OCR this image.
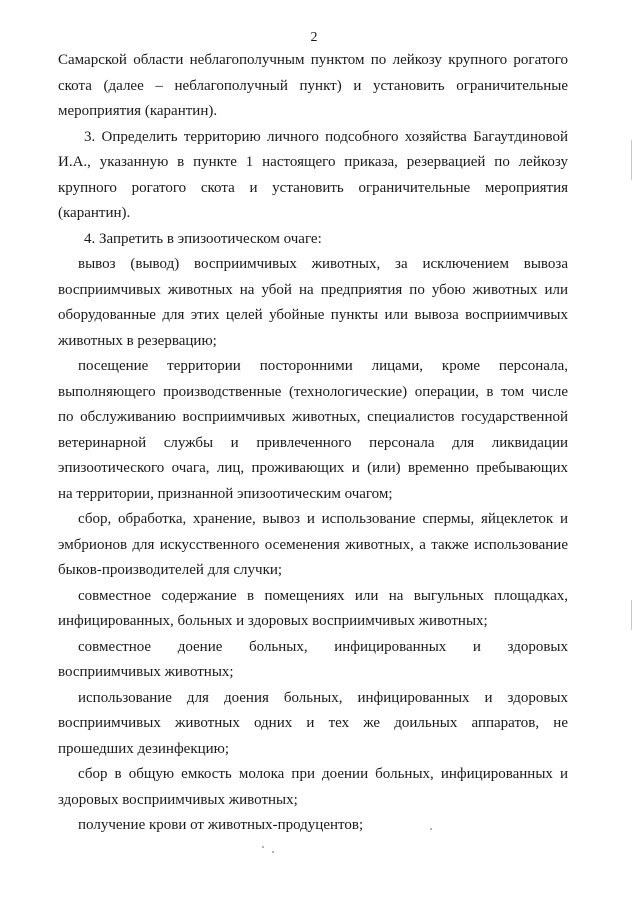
2

Самарской области неблагополучным пунктом по лейкозу крупного рогатого
скота (далее – неблагополучный пункт) и установить ограничительные
мероприятия (карантин).

3. Определить территорию личного подсобного хозяйства Багаутдиновой
И.А., указанную в пункте 1 настоящего приказа, резервацией по лейкозу
крупного рогатого скота и установить ограничительные мероприятия
(карантин).

4. Запретить в эпизоотическом очаге:

вывоз (вывод) восприимчивых животных, за исключением вывоза
восприимчивых животных на убой на предприятия по убою животных или
оборудованные для этих целей убойные пункты или вывоза восприимчивых
животных в резервацию;

посещение территории посторонними лицами, кроме персонала,
выполняющего производственные (технологические) операции, в том числе
по обслуживанию восприимчивых животных, специалистов государственной
ветеринарной службы и привлеченного персонала для ликвидации
эпизоотического очага, лиц, проживающих и (или) временно пребывающих
на территории, признанной эпизоотическим очагом;

сбор, обработка, хранение, вывоз и использование спермы, яйцеклеток и
эмбрионов для искусственного осеменения животных, а также использование
быков-производителей для случки;

совместное содержание в помещениях или на выгульных площадках,
инфицированных, больных и здоровых восприимчивых животных;

совместное доение больных, инфицированных и здоровых
восприимчивых животных;

использование для доения больных, инфицированных и здоровых
восприимчивых животных одних и тех же доильных аппаратов, не
прошедших дезинфекцию;

сбор в общую емкость молока при доении больных, инфицированных и
здоровых восприимчивых животных;

получение крови от животных-продуцентов;
